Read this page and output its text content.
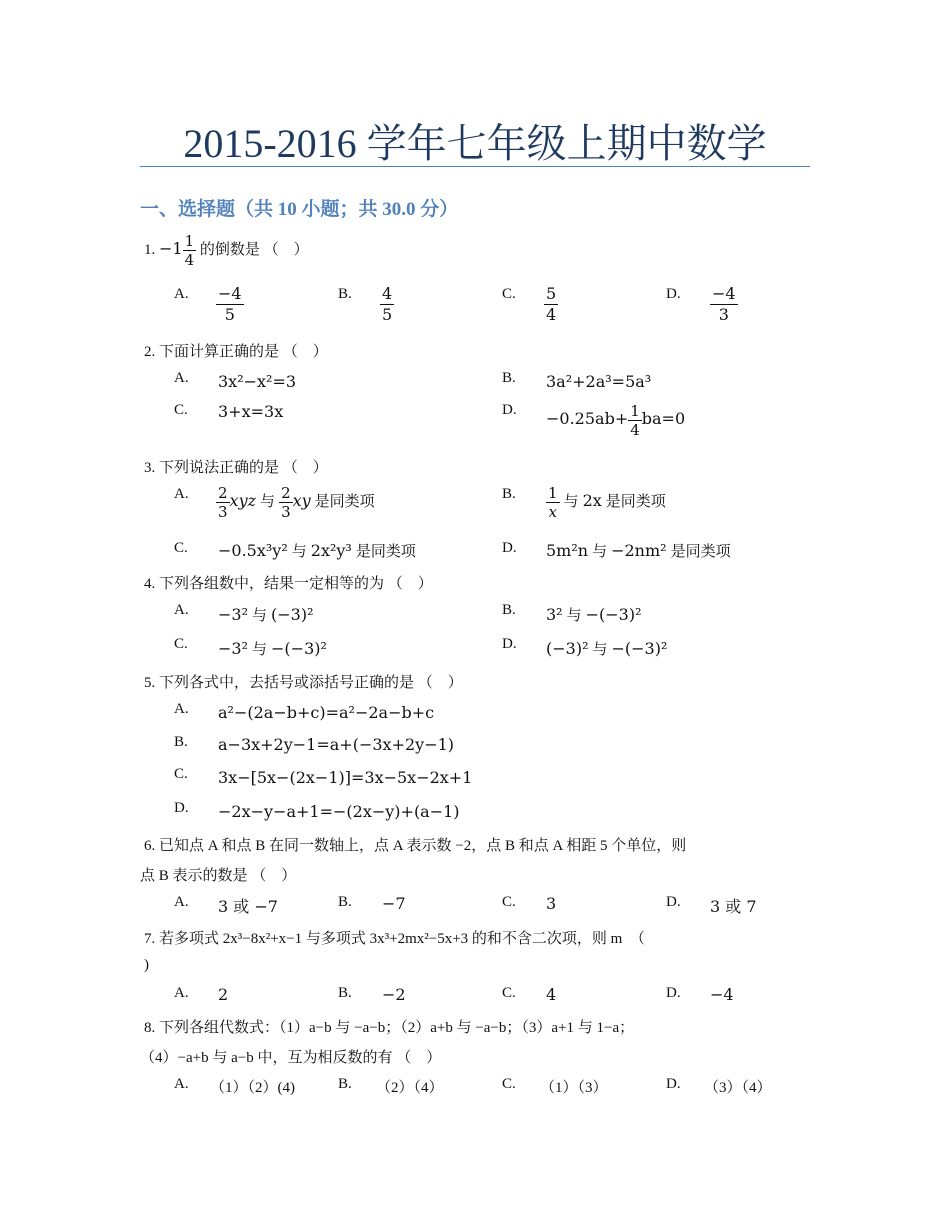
2015-2016 学年七年级上期中数学
一、选择题（共 10 小题；共 30.0 分）
1. $-1 \frac{1}{4}$ 的倒数是 （　）
A. $\frac{-4}{5}$	B. $\frac{4}{5}$	C. $\frac{5}{4}$	D. $\frac{-4}{3}$
2. 下面计算正确的是 （　）
A. 3x²−x²=3	B. 3a²+2a³=5a³
C. 3+x=3x	D. $-0.25ab+ \frac{1}{4} ba=0$
3. 下列说法正确的是 （　）
A. $\frac{2}{3}$ xyz 与 $\frac{2}{3}$ xy 是同类项
B. $\frac{1}{x}$ 与 2x 是同类项
C. −0.5x³y² 与 2x²y³ 是同类项	D. 5m²n 与 −2nm² 是同类项
4. 下列各组数中，结果一定相等的为 （　）
A. −3² 与 (−3)²	B. 3² 与 −(−3)²
C. −3² 与 −(−3)²	D. (−3)² 与 −(−3)²
5. 下列各式中，去括号或添括号正确的是 （　）
A. a²−(2a−b+c)=a²−2a−b+c
B. a−3x+2y−1=a+(−3x+2y−1)
C. 3x−[5x−(2x−1)]=3x−5x−2x+1
D. −2x−y−a+1=−(2x−y)+(a−1)
6. 已知点 A 和点 B 在同一数轴上，点 A 表示数 −2，点 B 和点 A 相距 5 个单位，则
点 B 表示的数是 （　）
A. 3 或 −7	B. −7	C. 3	D. 3 或 7
7. 若多项式 2x³−8x²+x−1 与多项式 3x³+2mx²−5x+3 的和不含二次项，则 m　（
)
A. 2	B. −2	C. 4	D. −4
8. 下列各组代数式：（1）a−b 与 −a−b；（2）a+b 与 −a−b；（3）a+1 与 1−a；
（4）−a+b 与 a−b 中，互为相反数的有 （　）
A. （1）（2）(4)	B. （2）（4）	C. （1）（3）	D. （3）（4）
